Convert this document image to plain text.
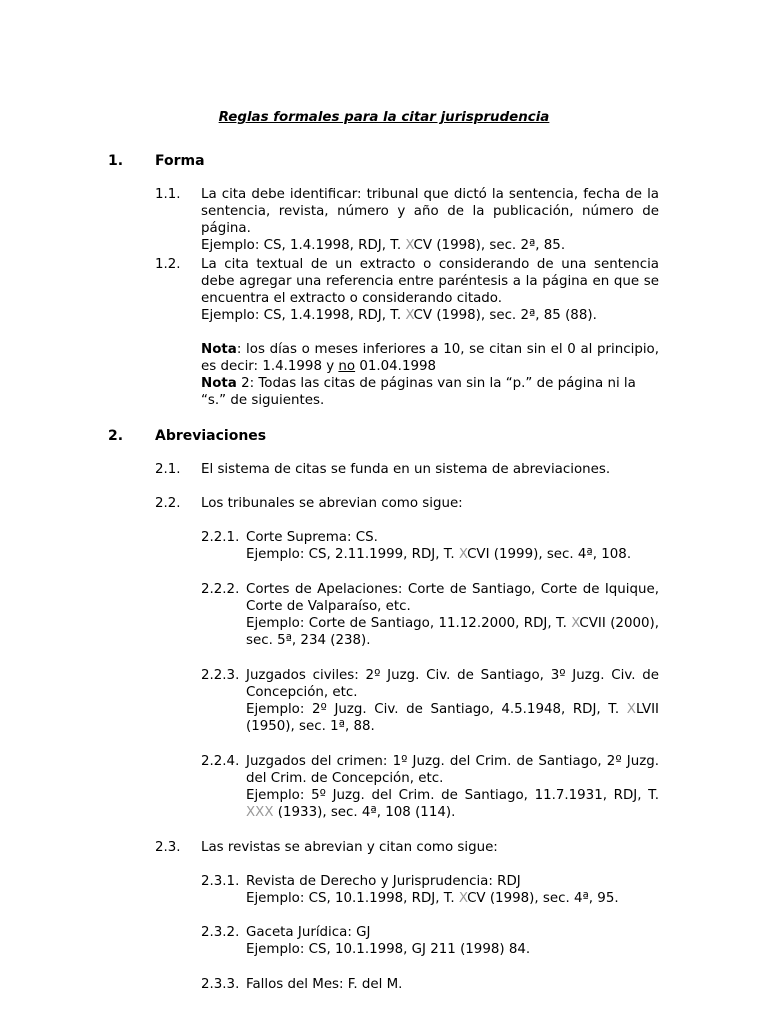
Reglas formales para la citar jurisprudencia
1. Forma
1.1. La cita debe identificar: tribunal que dictó la sentencia, fecha de la sentencia, revista, número y año de la publicación, número de página.

Ejemplo: CS, 1.4.1998, RDJ, T. XCV (1998), sec. 2ª, 85.

1.2. La cita textual de un extracto o considerando de una sentencia debe agregar una referencia entre paréntesis a la página en que se encuentra el extracto o considerando citado.

Ejemplo: CS, 1.4.1998, RDJ, T. XCV (1998), sec. 2ª, 85 (88).

Nota: los días o meses inferiores a 10, se citan sin el 0 al principio, es decir: 1.4.1998 y no 01.04.1998

Nota 2: Todas las citas de páginas van sin la “p.” de página ni la “s.” de siguientes.

2. Abreviaciones
2.1. El sistema de citas se funda en un sistema de abreviaciones.

2.2. Los tribunales se abrevian como sigue:

2.2.1. Corte Suprema: CS.

Ejemplo: CS, 2.11.1999, RDJ, T. XCVI (1999), sec. 4ª, 108.

2.2.2. Cortes de Apelaciones: Corte de Santiago, Corte de Iquique, Corte de Valparaíso, etc.

Ejemplo: Corte de Santiago, 11.12.2000, RDJ, T. XCVII (2000), sec. 5ª, 234 (238).

2.2.3. Juzgados civiles: 2º Juzg. Civ. de Santiago, 3º Juzg. Civ. de Concepción, etc.

Ejemplo: 2º Juzg. Civ. de Santiago, 4.5.1948, RDJ, T. XLVII (1950), sec. 1ª, 88.

2.2.4. Juzgados del crimen: 1º Juzg. del Crim. de Santiago, 2º Juzg. del Crim. de Concepción, etc.

Ejemplo: 5º Juzg. del Crim. de Santiago, 11.7.1931, RDJ, T. XXX (1933), sec. 4ª, 108 (114).

2.3. Las revistas se abrevian y citan como sigue:

2.3.1. Revista de Derecho y Jurisprudencia: RDJ

Ejemplo: CS, 10.1.1998, RDJ, T. XCV (1998), sec. 4ª, 95.

2.3.2. Gaceta Jurídica: GJ

Ejemplo: CS, 10.1.1998, GJ 211 (1998) 84.

2.3.3. Fallos del Mes: F. del M.
